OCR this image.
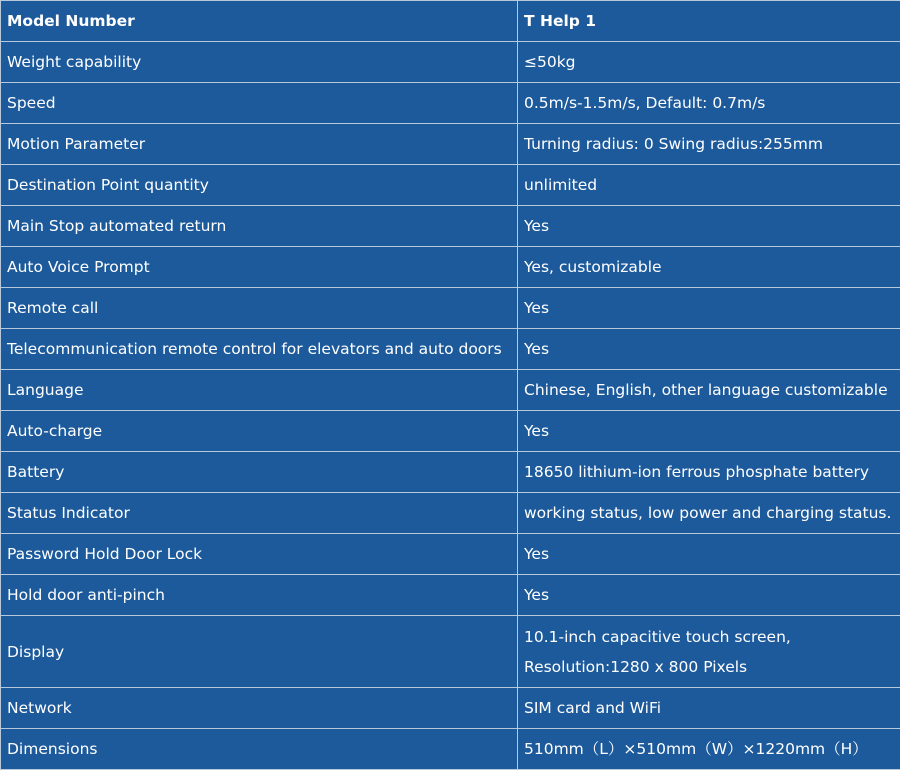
Model Number	T Help 1
Weight capability	≤50kg
Speed	0.5m/s-1.5m/s, Default: 0.7m/s
Motion Parameter	Turning radius: 0 Swing radius:255mm
Destination Point quantity	unlimited
Main Stop automated return	Yes
Auto Voice Prompt	Yes, customizable
Remote call	Yes
Telecommunication remote control for elevators and auto doors	Yes
Language	Chinese, English, other language customizable
Auto-charge	Yes
Battery	18650 lithium-ion ferrous phosphate battery
Status Indicator	working status, low power and charging status.
Password Hold Door Lock	Yes
Hold door anti-pinch	Yes
Display	10.1-inch capacitive touch screen,
Resolution:1280 x 800 Pixels

Network	SIM card and WiFi
Dimensions	510mm（L）×510mm（W）×1220mm（H）
